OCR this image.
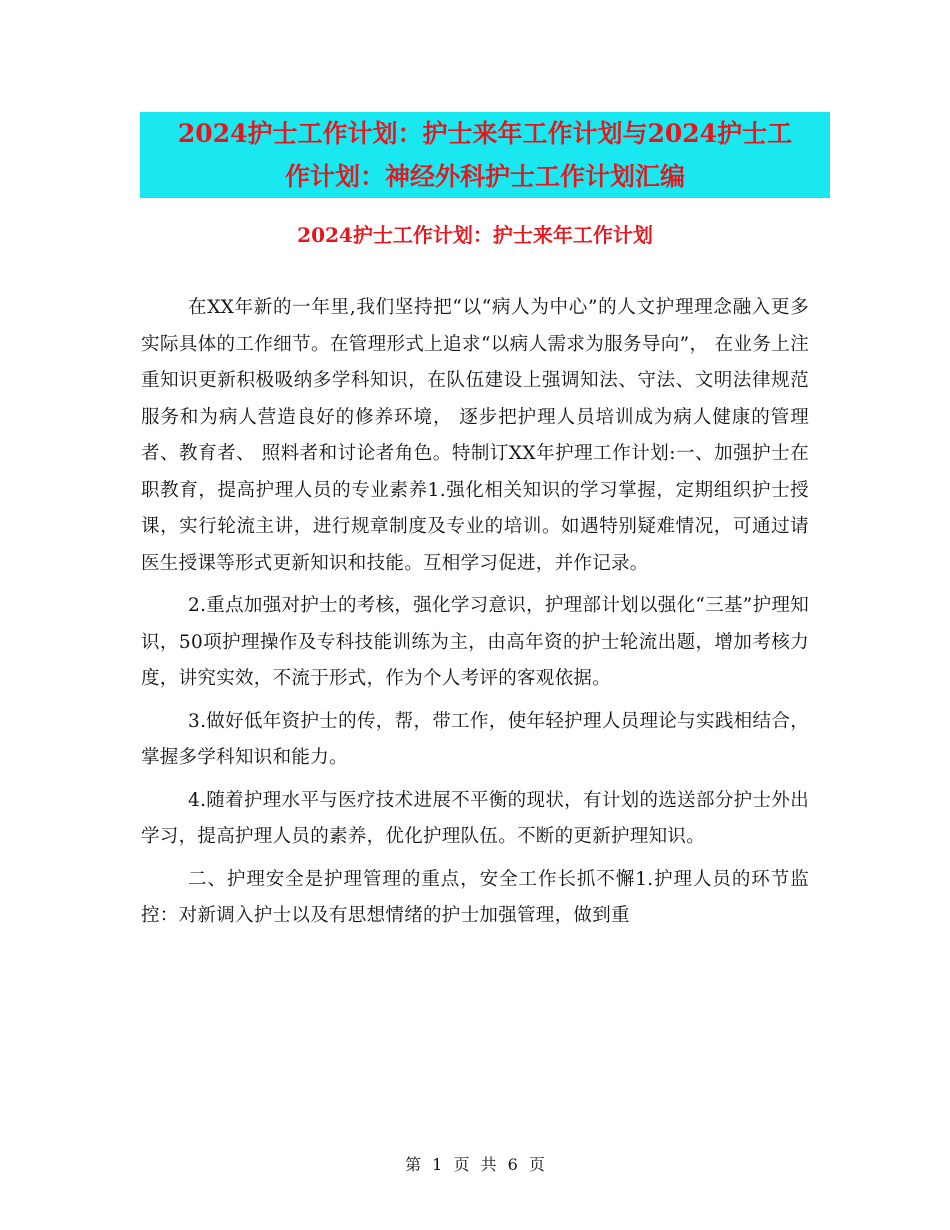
2024护士工作计划：护士来年工作计划与2024护士工
作计划：神经外科护士工作计划汇编
2024护士工作计划：护士来年工作计划

在XX年新的一年里,我们坚持把“以“病人为中心”的人文护理理念融入更多实际具体的工作细节。在管理形式上追求“以病人需求为服务导向”， 在业务上注重知识更新积极吸纳多学科知识，在队伍建设上强调知法、守法、文明法律规范服务和为病人营造良好的修养环境， 逐步把护理人员培训成为病人健康的管理者、教育者、 照料者和讨论者角色。特制订XX年护理工作计划:一、加强护士在职教育，提高护理人员的专业素养1.强化相关知识的学习掌握，定期组织护士授课，实行轮流主讲，进行规章制度及专业的培训。如遇特别疑难情况，可通过请医生授课等形式更新知识和技能。互相学习促进，并作记录。

2.重点加强对护士的考核，强化学习意识，护理部计划以强化“三基”护理知识，50项护理操作及专科技能训练为主，由高年资的护士轮流出题，增加考核力度，讲究实效，不流于形式，作为个人考评的客观依据。

3.做好低年资护士的传，帮，带工作，使年轻护理人员理论与实践相结合，掌握多学科知识和能力。

4.随着护理水平与医疗技术进展不平衡的现状，有计划的选送部分护士外出学习，提高护理人员的素养，优化护理队伍。不断的更新护理知识。

二、护理安全是护理管理的重点，安全工作长抓不懈1.护理人员的环节监控：对新调入护士以及有思想情绪的护士加强管理，做到重

第 1 页 共 6 页
